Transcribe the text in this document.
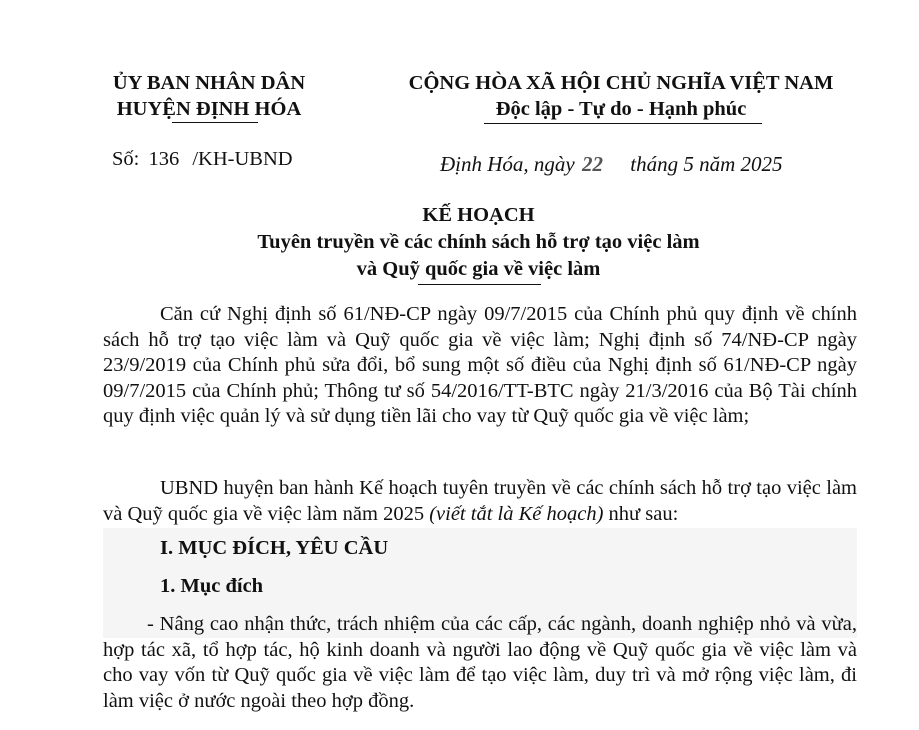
ỦY BAN NHÂN DÂN
HUYỆN ĐỊNH HÓA
Số: 136 /KH-UBND
CỘNG HÒA XÃ HỘI CHỦ NGHĨA VIỆT NAM
Độc lập - Tự do - Hạnh phúc
Định Hóa, ngày 22 tháng 5 năm 2025
KẾ HOẠCH
Tuyên truyền về các chính sách hỗ trợ tạo việc làm
và Quỹ quốc gia về việc làm
Căn cứ Nghị định số 61/NĐ-CP ngày 09/7/2015 của Chính phủ quy định về chính sách hỗ trợ tạo việc làm và Quỹ quốc gia về việc làm; Nghị định số 74/NĐ-CP ngày 23/9/2019 của Chính phủ sửa đổi, bổ sung một số điều của Nghị định số 61/NĐ-CP ngày 09/7/2015 của Chính phủ; Thông tư số 54/2016/TT-BTC ngày 21/3/2016 của Bộ Tài chính quy định việc quản lý và sử dụng tiền lãi cho vay từ Quỹ quốc gia về việc làm;
UBND huyện ban hành Kế hoạch tuyên truyền về các chính sách hỗ trợ tạo việc làm và Quỹ quốc gia về việc làm năm 2025 (viết tắt là Kế hoạch) như sau:
I. MỤC ĐÍCH, YÊU CẦU
1. Mục đích
- Nâng cao nhận thức, trách nhiệm của các cấp, các ngành, doanh nghiệp nhỏ và vừa, hợp tác xã, tổ hợp tác, hộ kinh doanh và người lao động về Quỹ quốc gia về việc làm và cho vay vốn từ Quỹ quốc gia về việc làm để tạo việc làm, duy trì và mở rộng việc làm, đi làm việc ở nước ngoài theo hợp đồng.
